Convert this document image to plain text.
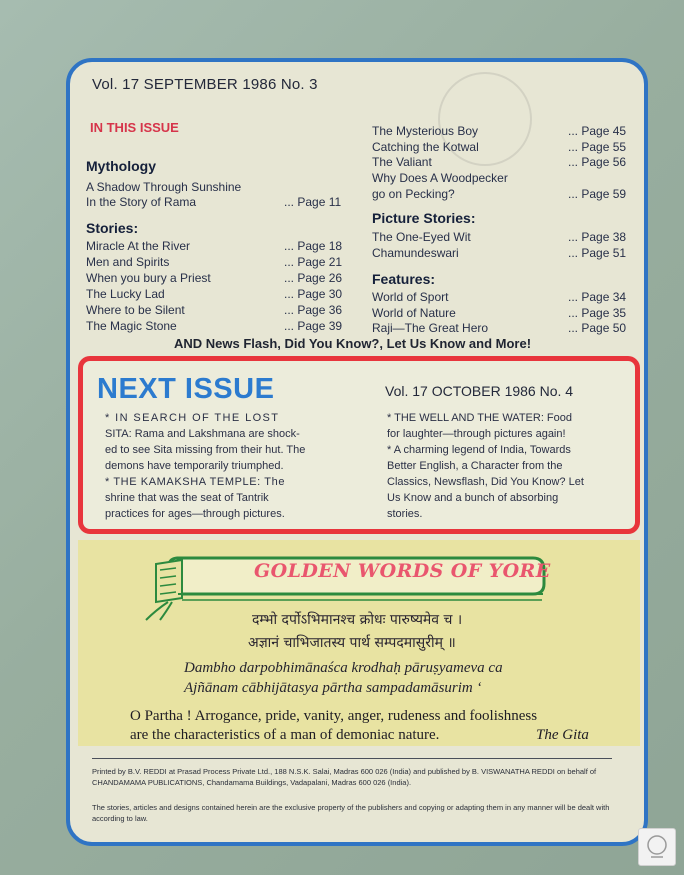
Vol. 17 SEPTEMBER 1986 No. 3
IN THIS ISSUE
Mythology
A Shadow Through Sunshine
In the Story of Rama	... Page 11
Stories:
Miracle At the River	... Page 18
Men and Spirits	... Page 21
When you bury a Priest	... Page 26
The Lucky Lad	... Page 30
Where to be Silent	... Page 36
The Magic Stone	... Page 39
The Mysterious Boy	... Page 45
Catching the Kotwal	... Page 55
The Valiant	... Page 56
Why Does A Woodpecker
go on Pecking?	... Page 59
Picture Stories:
The One-Eyed Wit	... Page 38
Chamundeswari	... Page 51
Features:
World of Sport	... Page 34
World of Nature	... Page 35
Raji—The Great Hero	... Page 50
AND News Flash, Did You Know?, Let Us Know and More!
NEXT ISSUE	Vol. 17 OCTOBER 1986 No. 4
* IN SEARCH OF THE LOST
SITA: Rama and Lakshmana are shock-
ed to see Sita missing from their hut. The
demons have temporarily triumphed.
* THE KAMAKSHA TEMPLE: The
shrine that was the seat of Tantrik
practices for ages—through pictures.
* THE WELL AND THE WATER: Food
for laughter—through pictures again!
* A charming legend of India, Towards
Better English, a Character from the
Classics, Newsflash, Did You Know? Let
Us Know and a bunch of absorbing
stories.
GOLDEN WORDS OF YORE
दम्भो दर्पोऽभिमानश्च क्रोधः पारुष्यमेव च ।
अज्ञानं चाभिजातस्य पार्थ सम्पदमासुरीम् ॥
Dambho darpobhimānaśca krodhaḥ pāruṣyameva ca
Ajñānam cābhijātasya pārtha sampadamāsurim ‘
O Partha ! Arrogance, pride, vanity, anger, rudeness and foolishness
are the characteristics of a man of demoniac nature.	The Gita
Printed by B.V. REDDI at Prasad Process Private Ltd., 188 N.S.K. Salai, Madras 600 026 (India) and published by B. VISWANATHA REDDI on behalf of CHANDAMAMA PUBLICATIONS, Chandamama Buildings, Vadapalani, Madras 600 026 (India).
The stories, articles and designs contained herein are the exclusive property of the publishers and copying or adapting them in any manner will be dealt with according to law.
